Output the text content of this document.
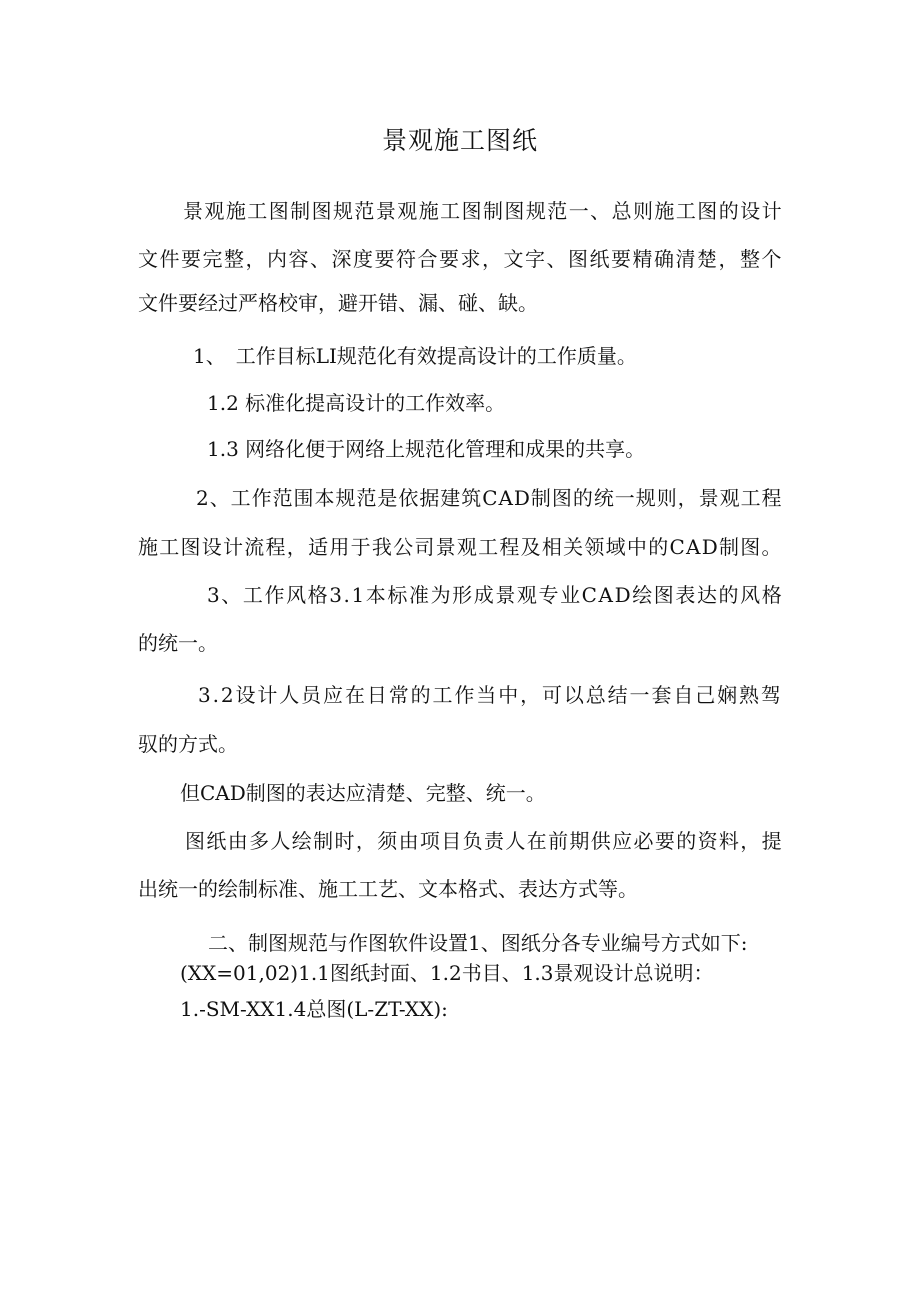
景观施工图纸
景观施工图制图规范景观施工图制图规范一、总则施工图的设计
文件要完整，内容、深度要符合要求，文字、图纸要精确清楚，整个
文件要经过严格校审，避开错、漏、碰、缺。
1、　工作目标LI规范化有效提高设计的工作质量。
1.2 标准化提高设计的工作效率。
1.3 网络化便于网络上规范化管理和成果的共享。
2、工作范围本规范是依据建筑CAD制图的统一规则，景观工程
施工图设计流程，适用于我公司景观工程及相关领域中的CAD制图。
3、工作风格3.1本标准为形成景观专业CAD绘图表达的风格
的统一。
3.2设计人员应在日常的工作当中，可以总结一套自己娴熟驾
驭的方式。
但CAD制图的表达应清楚、完整、统一。
图纸由多人绘制时，须由项目负责人在前期供应必要的资料，提
出统一的绘制标准、施工工艺、文本格式、表达方式等。
二、制图规范与作图软件设置1、图纸分各专业编号方式如下:
(XX=01,02)1.1图纸封面、1.2书目、1.3景观设计总说明：
1.-SM-XX1.4总图(L-ZT-XX):
